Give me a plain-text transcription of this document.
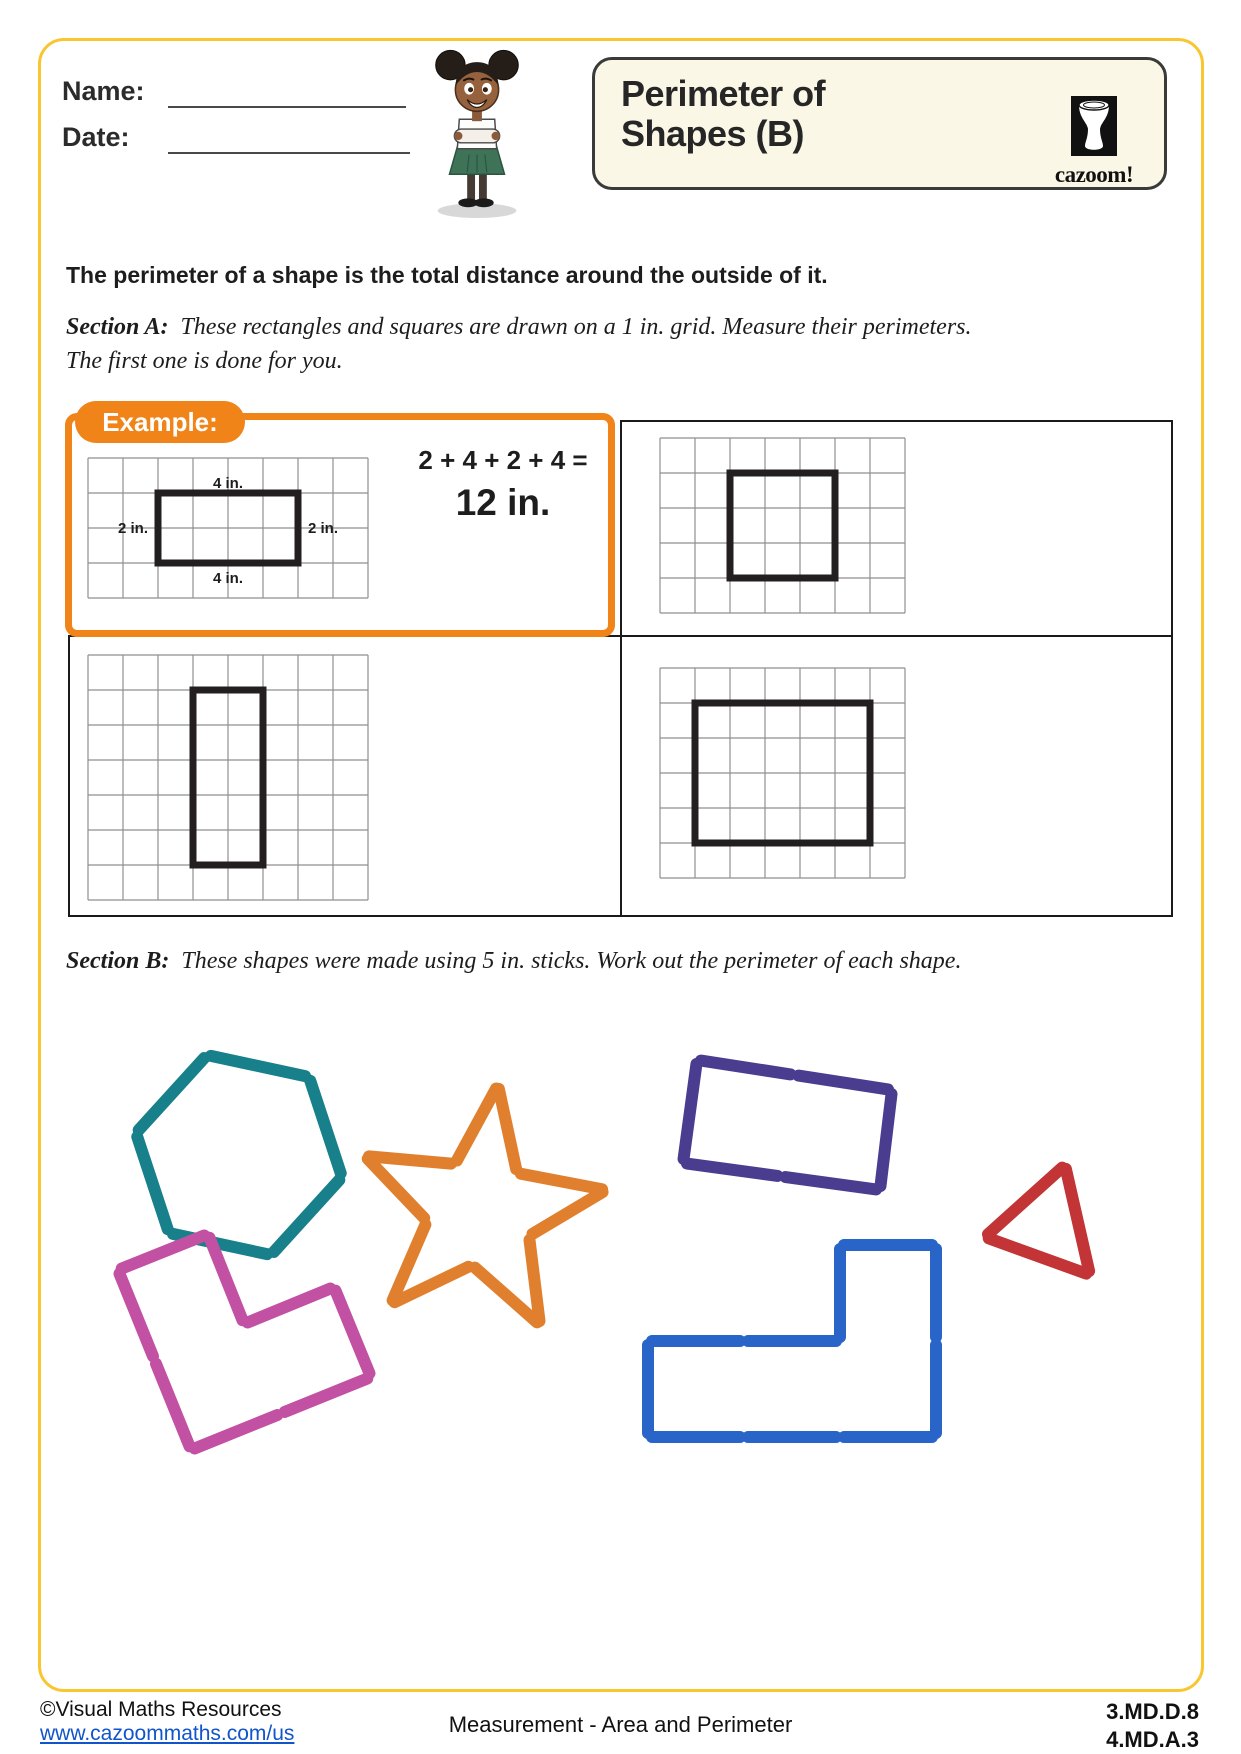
Name:
Date:
Perimeter of
Shapes (B)
cazoom!
The perimeter of a shape is the total distance around the outside of it.
Section A: These rectangles and squares are drawn on a 1 in. grid. Measure their perimeters.
The first one is done for you.
4 in.
2 in.	2 in.
4 in.
Example:
2 + 4 + 2 + 4 =
12 in.
Section B: These shapes were made using 5 in. sticks. Work out the perimeter of each shape.
©Visual Maths Resources
www.cazoommaths.com/us	Measurement - Area and Perimeter
3.MD.D.8
4.MD.A.3
